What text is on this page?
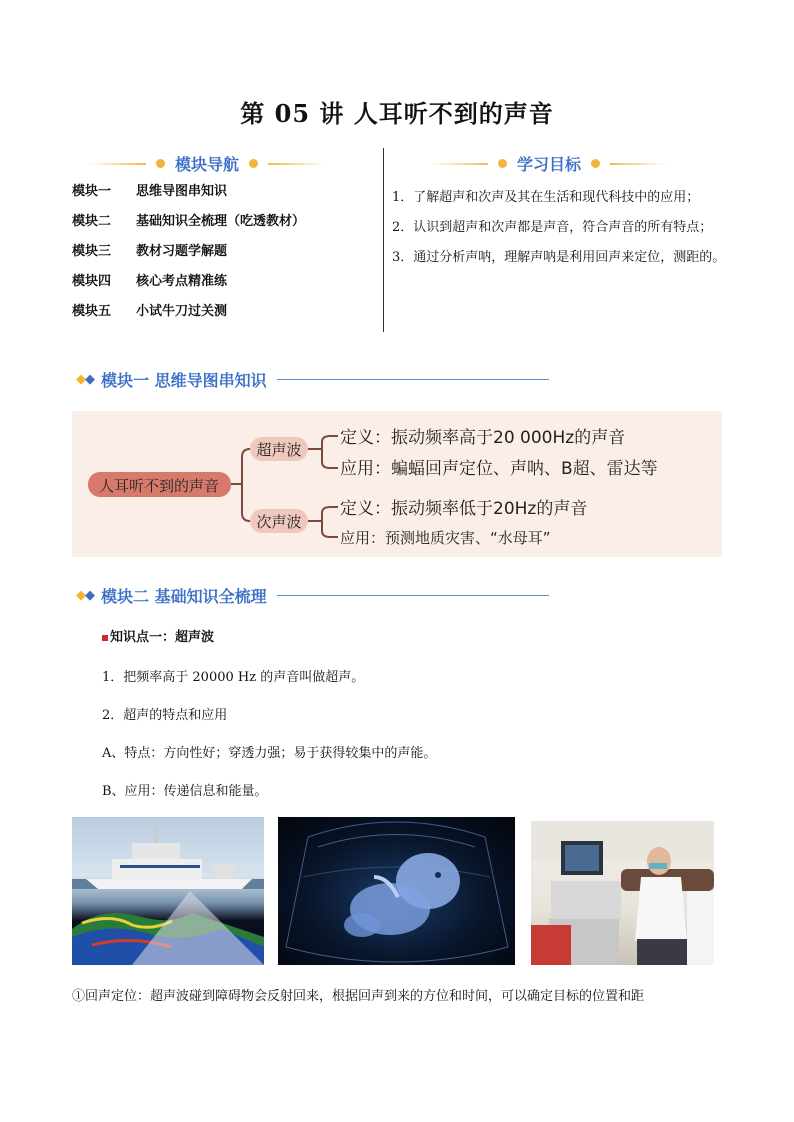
第 05 讲 人耳听不到的声音
模块导航
模块一	思维导图串知识
模块二	基础知识全梳理（吃透教材）
模块三	教材习题学解题
模块四	核心考点精准练
模块五	小试牛刀过关测
学习目标

1．了解超声和次声及其在生活和现代科技中的应用；

2．认识到超声和次声都是声音，符合声音的所有特点；

3．通过分析声呐，理解声呐是利用回声来定位，测距的。

◆ ◆ 模块一 思维导图串知识
人耳听不到的声音
超声波
次声波
定义：振动频率高于20 000Hz的声音
应用：蝙蝠回声定位、声呐、B超、雷达等
定义：振动频率低于20Hz的声音
应用：预测地质灾害、“水母耳”
◆ ◆ 模块二 基础知识全梳理
知识点一：超声波
1．把频率高于 20000 Hz 的声音叫做超声。
2．超声的特点和应用
A、特点：方向性好；穿透力强；易于获得较集中的声能。
B、应用：传递信息和能量。
①回声定位：超声波碰到障碍物会反射回来，根据回声到来的方位和时间，可以确定目标的位置和距
